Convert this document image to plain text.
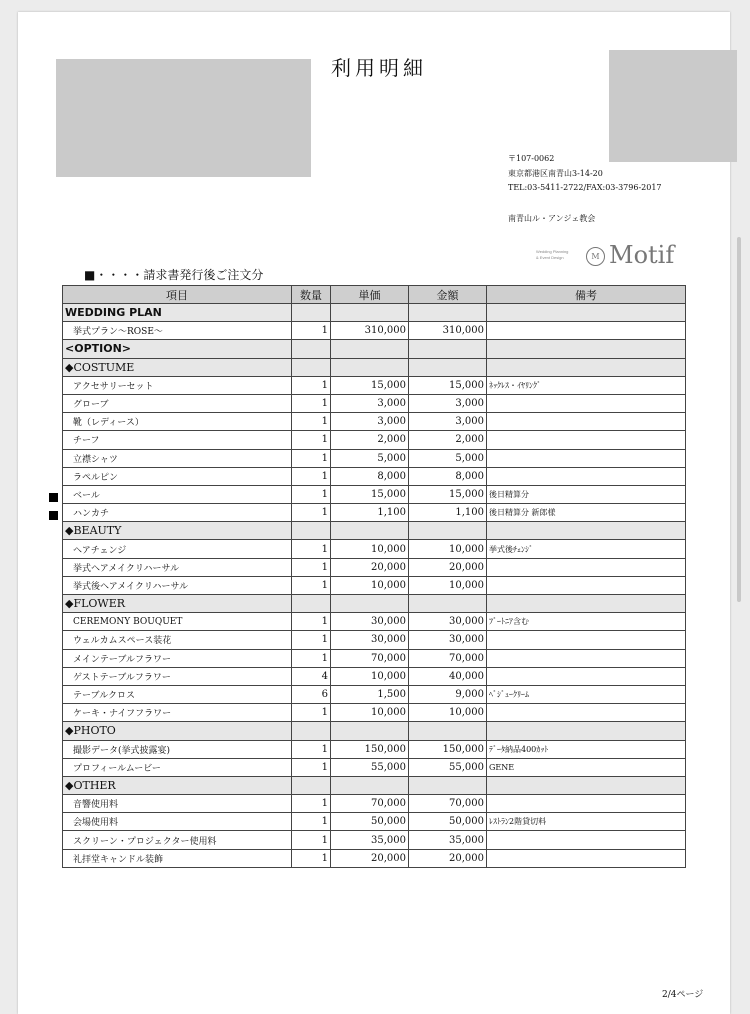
利用明細
〒107-0062
東京都港区南青山3-14-20
TEL:03-5411-2722/FAX:03-3796-2017
南青山ル・アンジェ教会
Wedding Planning
& Event Design	M Motif
■・・・・請求書発行後ご注文分
2/4ページ
項目	数量	単価	金額	備考
WEDDING PLAN				
挙式プラン～ROSE～	1	310,000	310,000	
<OPTION>				
◆COSTUME				
アクセサリーセット	1	15,000	15,000	ﾈｯｸﾚｽ・ｲﾔﾘﾝｸﾞ
グローブ	1	3,000	3,000	
靴（レディース）	1	3,000	3,000	
チーフ	1	2,000	2,000	
立襟シャツ	1	5,000	5,000	
ラペルピン	1	8,000	8,000	
ベール	1	15,000	15,000	後日精算分
ハンカチ	1	1,100	1,100	後日精算分 新郎様
◆BEAUTY				
ヘアチェンジ	1	10,000	10,000	挙式後ﾁｪﾝｼﾞ
挙式ヘアメイクリハーサル	1	20,000	20,000	
挙式後ヘアメイクリハーサル	1	10,000	10,000	
◆FLOWER				
CEREMONY BOUQUET	1	30,000	30,000	ﾌﾞｰﾄﾆｱ含む
ウェルカムスペース装花	1	30,000	30,000	
メインテーブルフラワー	1	70,000	70,000	
ゲストテーブルフラワー	4	10,000	40,000	
テーブルクロス	6	1,500	9,000	ﾍﾞｼﾞｭｰｸﾘｰﾑ
ケーキ・ナイフフラワー	1	10,000	10,000	
◆PHOTO				
撮影データ(挙式披露宴)	1	150,000	150,000	ﾃﾞｰﾀ納品400ｶｯﾄ
プロフィールムービー	1	55,000	55,000	GENE
◆OTHER				
音響使用料	1	70,000	70,000	
会場使用料	1	50,000	50,000	ﾚｽﾄﾗﾝ2階貸切料
スクリーン・プロジェクター使用料	1	35,000	35,000	
礼拝堂キャンドル装飾	1	20,000	20,000	
